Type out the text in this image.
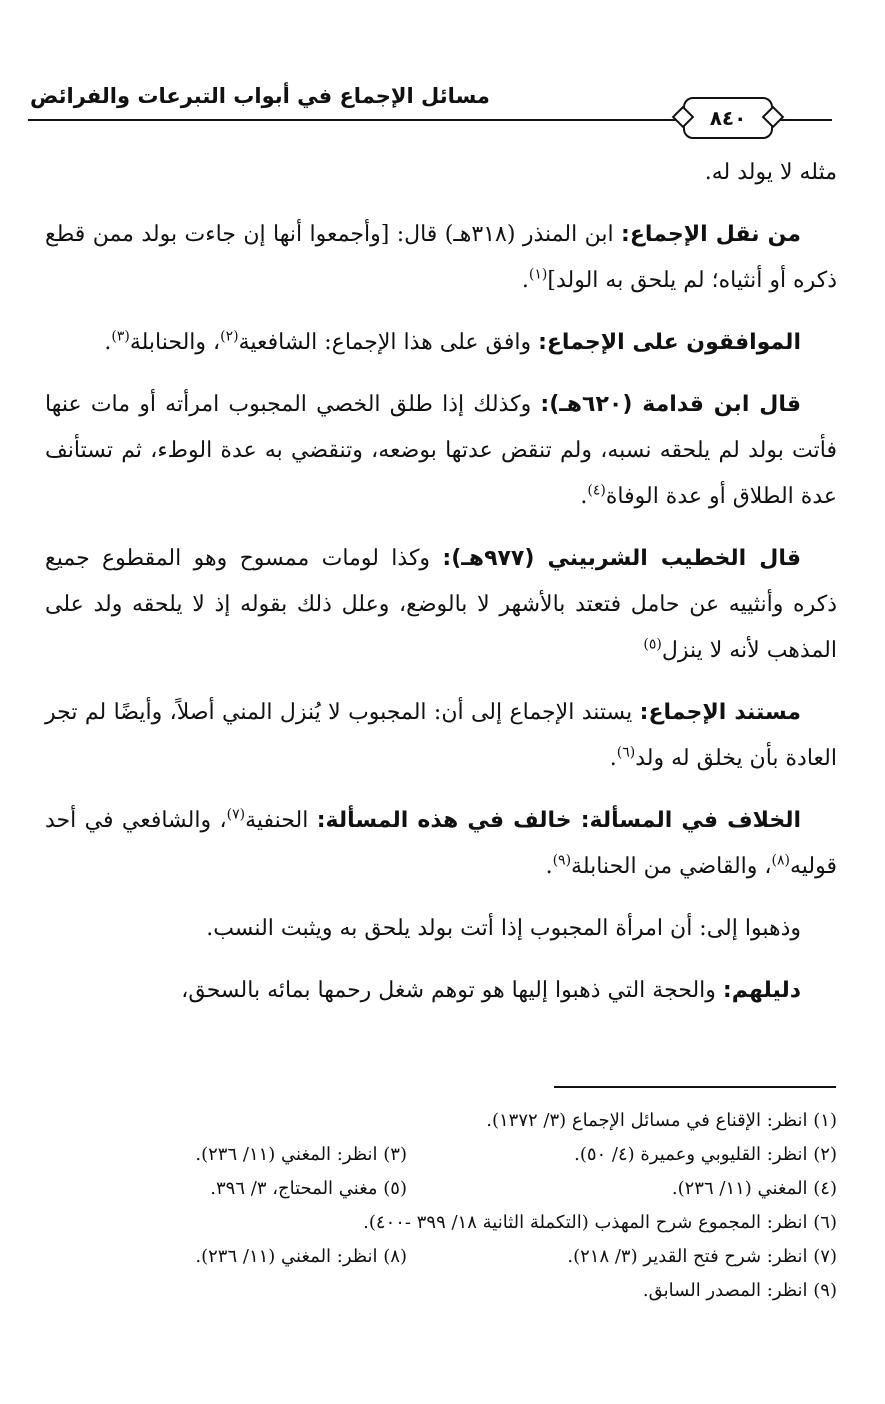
مسائل الإجماع في أبواب التبرعات والفرائض
٨٤٠

مثله لا يولد له.

من نقل الإجماع: ابن المنذر (٣١٨هـ) قال: [وأجمعوا أنها إن جاءت بولد ممن قطع ذكره أو أنثياه؛ لم يلحق به الولد]$^{(١)}$.

الموافقون على الإجماع: وافق على هذا الإجماع: الشافعية$^{(٢)}$، والحنابلة$^{(٣)}$.

قال ابن قدامة (٦٢٠هـ): وكذلك إذا طلق الخصي المجبوب امرأته أو مات عنها فأتت بولد لم يلحقه نسبه، ولم تنقض عدتها بوضعه، وتنقضي به عدة الوطء، ثم تستأنف عدة الطلاق أو عدة الوفاة$^{(٤)}$.

قال الخطيب الشربيني (٩٧٧هـ): وكذا لومات ممسوح وهو المقطوع جميع ذكره وأنثييه عن حامل فتعتد بالأشهر لا بالوضع، وعلل ذلك بقوله إذ لا يلحقه ولد على المذهب لأنه لا ينزل$^{(٥)}$

مستند الإجماع: يستند الإجماع إلى أن: المجبوب لا يُنزل المني أصلاً، وأيضًا لم تجر العادة بأن يخلق له ولد$^{(٦)}$.

الخلاف في المسألة: خالف في هذه المسألة: الحنفية$^{(٧)}$، والشافعي في أحد قوليه$^{(٨)}$، والقاضي من الحنابلة$^{(٩)}$.

وذهبوا إلى: أن امرأة المجبوب إذا أتت بولد يلحق به ويثبت النسب.

دليلهم: والحجة التي ذهبوا إليها هو توهم شغل رحمها بمائه بالسحق،

(١) انظر: الإقناع في مسائل الإجماع (٣/ ١٣٧٢).
(٢) انظر: القليوبي وعميرة (٤/ ٥٠).
(٣) انظر: المغني (١١/ ٢٣٦).
(٤) المغني (١١/ ٢٣٦).
(٥) مغني المحتاج، ٣/ ٣٩٦.
(٦) انظر: المجموع شرح المهذب (التكملة الثانية ١٨/ ٣٩٩ -٤٠٠).
(٧) انظر: شرح فتح القدير (٣/ ٢١٨).
(٨) انظر: المغني (١١/ ٢٣٦).
(٩) انظر: المصدر السابق.
